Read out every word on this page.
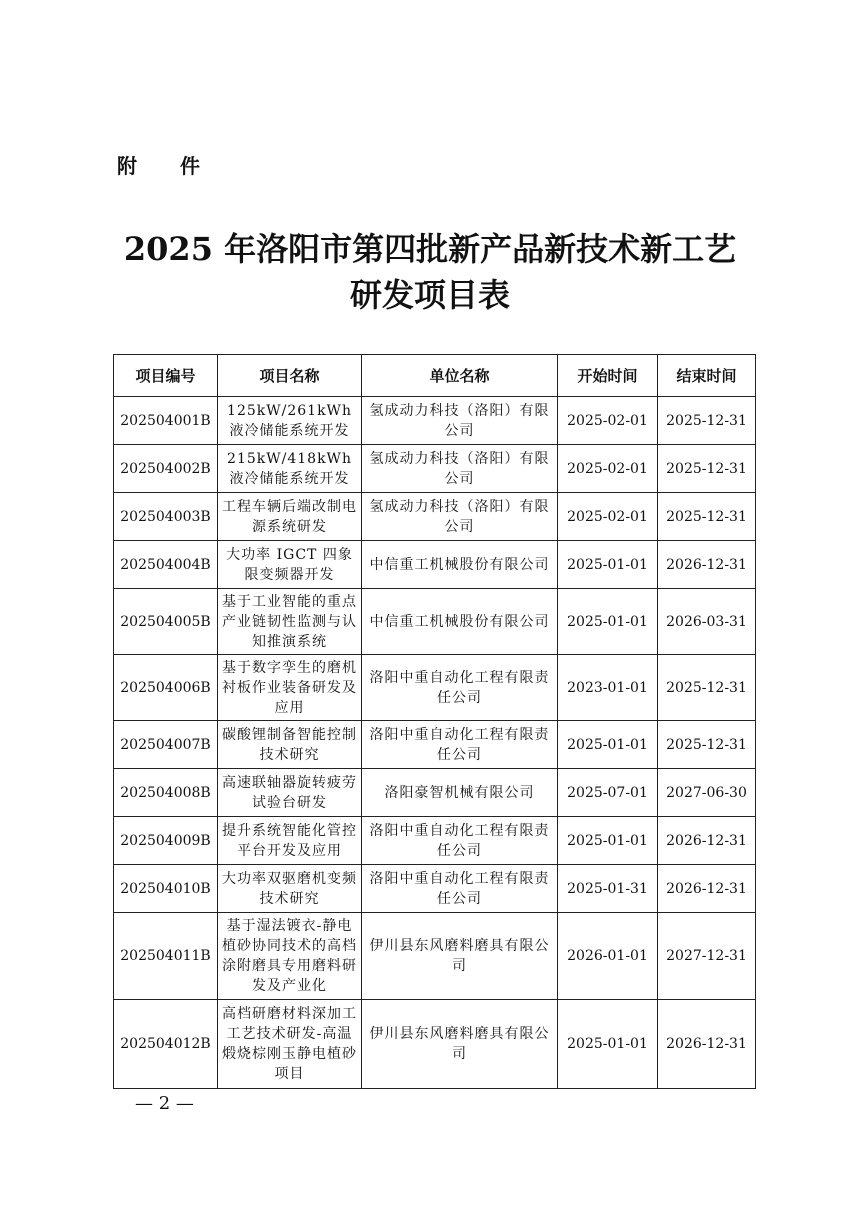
附 件
2025 年洛阳市第四批新产品新技术新工艺
研发项目表
项目编号	项目名称	单位名称	开始时间	结束时间
202504001B	125kW/261kWh 液冷储能系统开发	氢成动力科技（洛阳）有限公司	2025-02-01	2025-12-31
202504002B	215kW/418kWh 液冷储能系统开发	氢成动力科技（洛阳）有限公司	2025-02-01	2025-12-31
202504003B	工程车辆后端改制电源系统研发	氢成动力科技（洛阳）有限公司	2025-02-01	2025-12-31
202504004B	大功率 IGCT 四象限变频器开发	中信重工机械股份有限公司	2025-01-01	2026-12-31
202504005B	基于工业智能的重点产业链韧性监测与认知推演系统	中信重工机械股份有限公司	2025-01-01	2026-03-31
202504006B	基于数字孪生的磨机衬板作业装备研发及应用	洛阳中重自动化工程有限责任公司	2023-01-01	2025-12-31
202504007B	碳酸锂制备智能控制技术研究	洛阳中重自动化工程有限责任公司	2025-01-01	2025-12-31
202504008B	高速联轴器旋转疲劳试验台研发	洛阳豪智机械有限公司	2025-07-01	2027-06-30
202504009B	提升系统智能化管控平台开发及应用	洛阳中重自动化工程有限责任公司	2025-01-01	2026-12-31
202504010B	大功率双驱磨机变频技术研究	洛阳中重自动化工程有限责任公司	2025-01-31	2026-12-31
202504011B	基于湿法镀衣-静电植砂协同技术的高档涂附磨具专用磨料研发及产业化	伊川县东风磨料磨具有限公司	2026-01-01	2027-12-31
202504012B	高档研磨材料深加工工艺技术研发-高温煅烧棕刚玉静电植砂项目	伊川县东风磨料磨具有限公司	2025-01-01	2026-12-31
— 2 —
